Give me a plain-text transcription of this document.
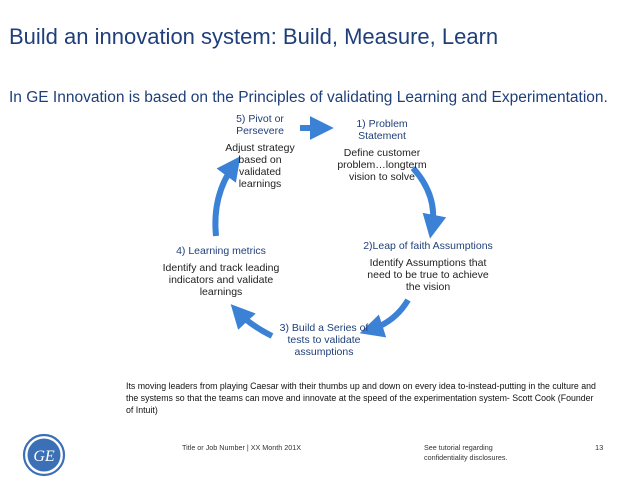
Build an innovation system: Build, Measure, Learn
In GE Innovation is based on the Principles of validating Learning and Experimentation.
1) Problem Statement
Define customer problem…longterm vision to solve
2)Leap of faith Assumptions
Identify Assumptions that need to be true to achieve the vision
3) Build a Series of tests to validate assumptions
4) Learning metrics
Identify and track leading indicators and validate learnings
5) Pivot or Persevere
Adjust strategy based on validated learnings
Its moving leaders from playing Caesar with their thumbs up and down on every idea to-instead-putting in the culture and the systems so that the teams can move and innovate at the speed of the experimentation system- Scott Cook (Founder of Intuit)
GE
Title or Job Number | XX Month 201X	See tutorial regarding confidentiality disclosures.
13
